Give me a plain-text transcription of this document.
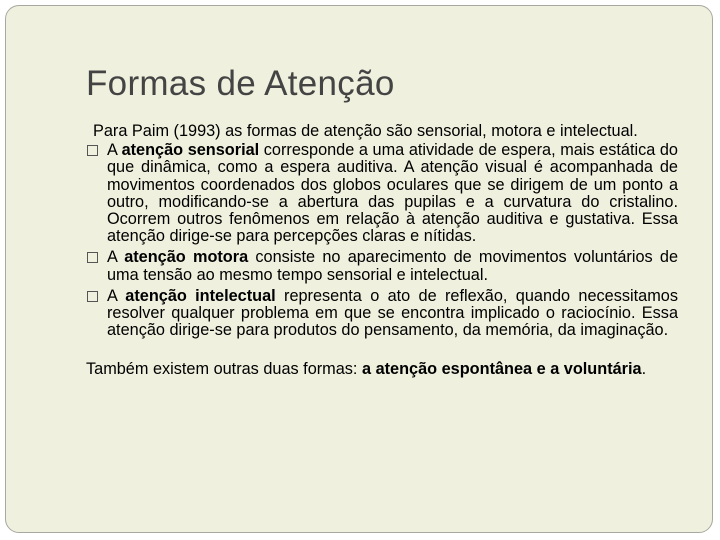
Formas de Atenção

Para Paim (1993) as formas de atenção são sensorial, motora e intelectual.

A atenção sensorial corresponde a uma atividade de espera, mais estática do que dinâmica, como a espera auditiva. A atenção visual é acompanhada de movimentos coordenados dos globos oculares que se dirigem de um ponto a outro, modificando-se a abertura das pupilas e a curvatura do cristalino. Ocorrem outros fenômenos em relação à atenção auditiva e gustativa. Essa atenção dirige-se para percepções claras e nítidas.

A atenção motora consiste no aparecimento de movimentos voluntários de uma tensão ao mesmo tempo sensorial e intelectual.

A atenção intelectual representa o ato de reflexão, quando necessitamos resolver qualquer problema em que se encontra implicado o raciocínio. Essa atenção dirige-se para produtos do pensamento, da memória, da imaginação.

Também existem outras duas formas: a atenção espontânea e a voluntária.
